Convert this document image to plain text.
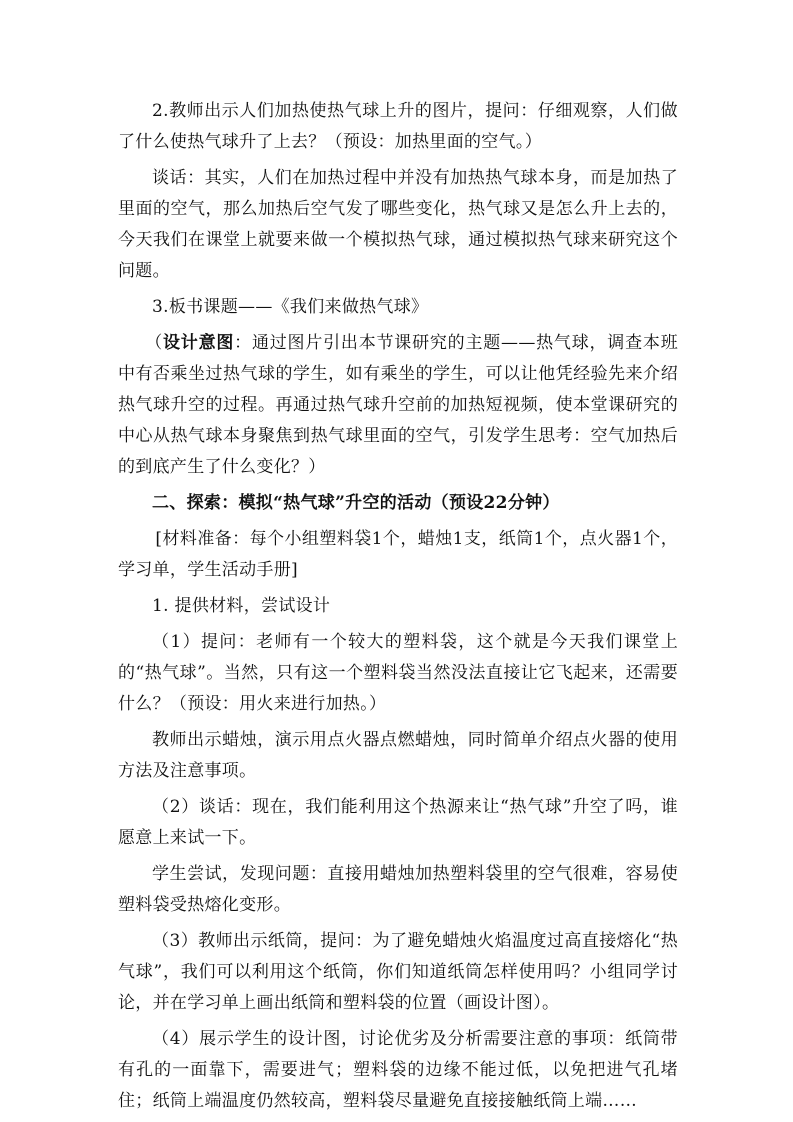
2.教师出示人们加热使热气球上升的图片，提问：仔细观察，人们做了什么使热气球升了上去？（预设：加热里面的空气。）

谈话：其实，人们在加热过程中并没有加热热气球本身，而是加热了里面的空气，那么加热后空气发了哪些变化，热气球又是怎么升上去的，今天我们在课堂上就要来做一个模拟热气球，通过模拟热气球来研究这个问题。

3.板书课题——《我们来做热气球》

（设计意图：通过图片引出本节课研究的主题——热气球，调查本班中有否乘坐过热气球的学生，如有乘坐的学生，可以让他凭经验先来介绍热气球升空的过程。再通过热气球升空前的加热短视频，使本堂课研究的中心从热气球本身聚焦到热气球里面的空气，引发学生思考：空气加热后的到底产生了什么变化？）

二、探索：模拟“热气球”升空的活动（预设22分钟）

[材料准备：每个小组塑料袋1个，蜡烛1支，纸筒1个，点火器1个，学习单，学生活动手册]

1. 提供材料，尝试设计

（1）提问：老师有一个较大的塑料袋，这个就是今天我们课堂上的“热气球”。当然，只有这一个塑料袋当然没法直接让它飞起来，还需要什么？（预设：用火来进行加热。）

教师出示蜡烛，演示用点火器点燃蜡烛，同时简单介绍点火器的使用方法及注意事项。

（2）谈话：现在，我们能利用这个热源来让“热气球”升空了吗，谁愿意上来试一下。

学生尝试，发现问题：直接用蜡烛加热塑料袋里的空气很难，容易使塑料袋受热熔化变形。

（3）教师出示纸筒，提问：为了避免蜡烛火焰温度过高直接熔化“热气球”，我们可以利用这个纸筒，你们知道纸筒怎样使用吗？小组同学讨论，并在学习单上画出纸筒和塑料袋的位置（画设计图）。

（4）展示学生的设计图，讨论优劣及分析需要注意的事项：纸筒带有孔的一面靠下，需要进气；塑料袋的边缘不能过低，以免把进气孔堵住；纸筒上端温度仍然较高，塑料袋尽量避免直接接触纸筒上端……
